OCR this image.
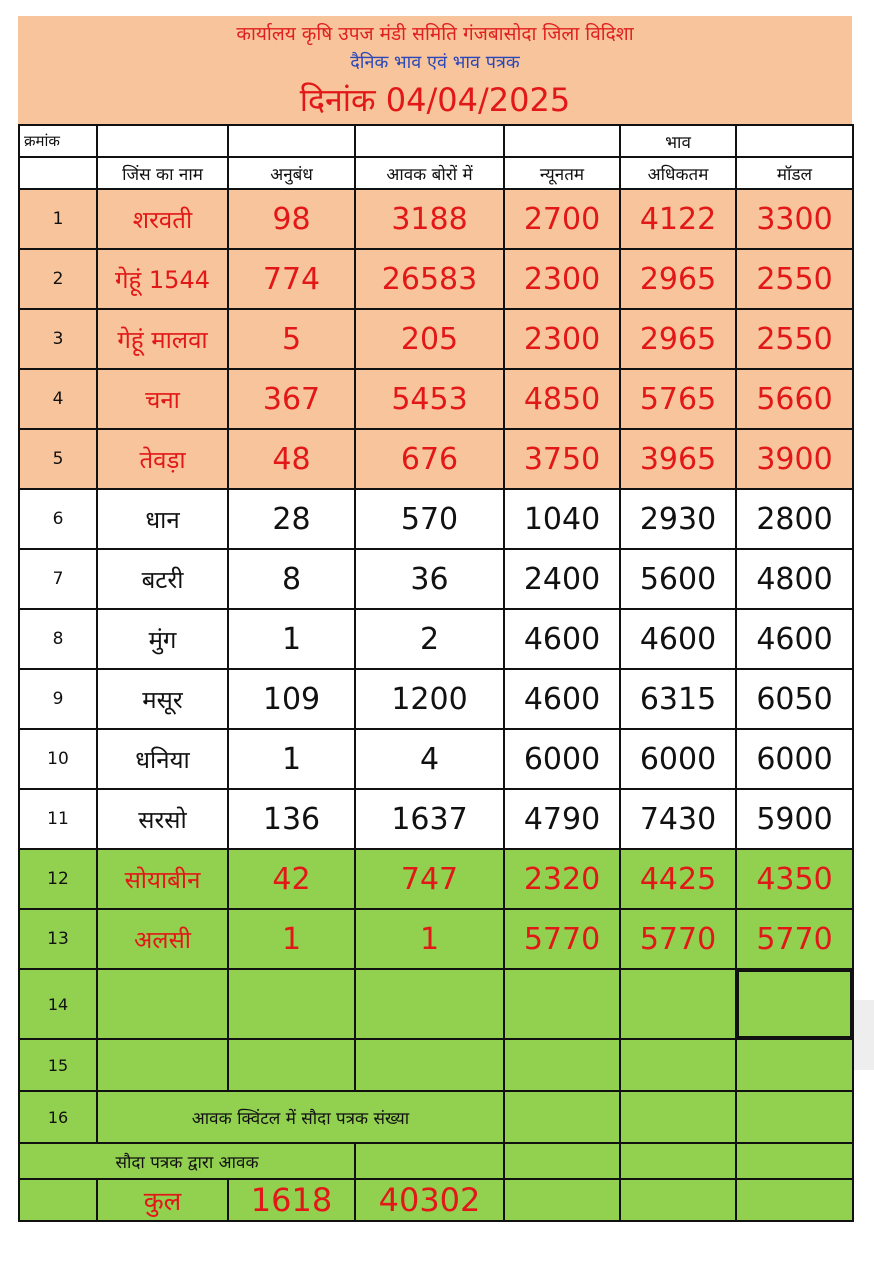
कार्यालय कृषि उपज मंडी समिति गंजबासोदा जिला विदिशा
दैनिक भाव एवं भाव पत्रक
दिनांक 04/04/2025
क्रमांक					भाव	
	जिंस का नाम	अनुबंध	आवक बोरों में	न्यूनतम	अधिकतम	मॉडल
1	शरवती	98	3188	2700	4122	3300
2	गेहूं 1544	774	26583	2300	2965	2550
3	गेहूं मालवा	5	205	2300	2965	2550
4	चना	367	5453	4850	5765	5660
5	तेवड़ा	48	676	3750	3965	3900
6	धान	28	570	1040	2930	2800
7	बटरी	8	36	2400	5600	4800
8	मुंग	1	2	4600	4600	4600
9	मसूर	109	1200	4600	6315	6050
10	धनिया	1	4	6000	6000	6000
11	सरसो	136	1637	4790	7430	5900
12	सोयाबीन	42	747	2320	4425	4350
13	अलसी	1	1	5770	5770	5770
14						
15						
16	आवक क्विंटल में सौदा पत्रक संख्या					
सौदा पत्रक द्वारा आवक						
	कुल	1618	40302			
